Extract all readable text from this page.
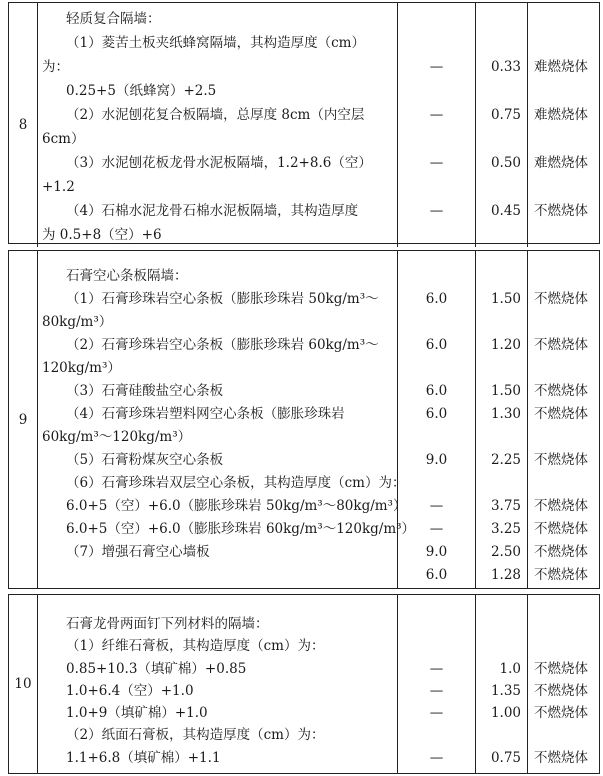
8
轻质复合隔墙：
（1）菱苦土板夹纸蜂窝隔墙，其构造厚度（cm）
为：
0.25+5（纸蜂窝）+2.5
（2）水泥刨花复合板隔墙，总厚度 8cm（内空层
6cm）
（3）水泥刨花板龙骨水泥板隔墙，1.2+8.6（空）
+1.2
（4）石棉水泥龙骨石棉水泥板隔墙，其构造厚度
为 0.5+8（空）+6
—
—
—
—
0.33
0.75
0.50
0.45
难燃烧体
难燃烧体
难燃烧体
不燃烧体
9
石膏空心条板隔墙：
（1）石膏珍珠岩空心条板（膨胀珍珠岩 50kg/m³～
80kg/m³）
（2）石膏珍珠岩空心条板（膨胀珍珠岩 60kg/m³～
120kg/m³）
（3）石膏硅酸盐空心条板
（4）石膏珍珠岩塑料网空心条板（膨胀珍珠岩
60kg/m³～120kg/m³）
（5）石膏粉煤灰空心条板
（6）石膏珍珠岩双层空心条板，其构造厚度（cm）为：
6.0+5（空）+6.0（膨胀珍珠岩 50kg/m³～80kg/m³）
6.0+5（空）+6.0（膨胀珍珠岩 60kg/m³～120kg/m³）
（7）增强石膏空心墙板
6.0
6.0
6.0
6.0
9.0
—
—
9.0
6.0
1.50
1.20
1.50
1.30
2.25
3.75
3.25
2.50
1.28
不燃烧体
不燃烧体
不燃烧体
不燃烧体
不燃烧体
不燃烧体
不燃烧体
不燃烧体
不燃烧体
10
石膏龙骨两面钉下列材料的隔墙：
（1）纤维石膏板，其构造厚度（cm）为：
0.85+10.3（填矿棉）+0.85
1.0+6.4（空）+1.0
1.0+9（填矿棉）+1.0
（2）纸面石膏板，其构造厚度（cm）为：
1.1+6.8（填矿棉）+1.1
—
—
—
—
1.0
1.35
1.00
0.75
不燃烧体
不燃烧体
不燃烧体
不燃烧体
